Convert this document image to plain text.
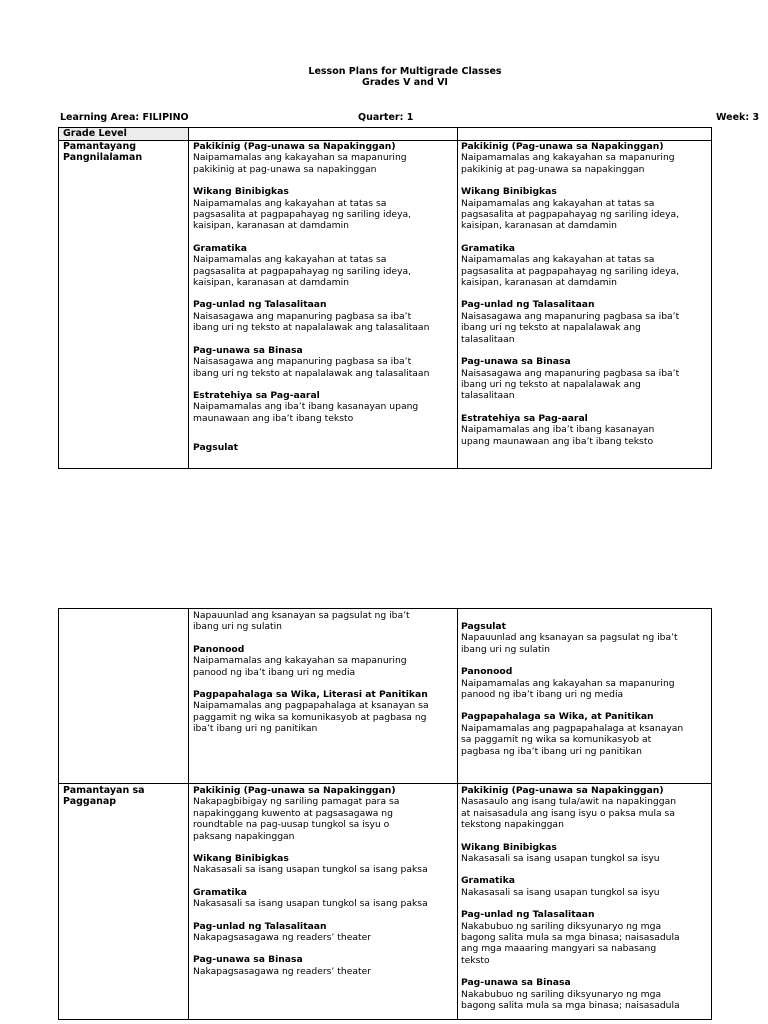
Lesson Plans for Multigrade Classes
Grades V and VI
Learning Area: FILIPINO	Quarter: 1	Week: 3
Grade Level
Pamantayang
Pangnilalaman
Pakikinig (Pag-unawa sa Napakinggan)
Naipamamalas ang kakayahan sa mapanuring
pakikinig at pag-unawa sa napakinggan
Wikang Binibigkas
Naipamamalas ang kakayahan at tatas sa
pagsasalita at pagpapahayag ng sariling ideya,
kaisipan, karanasan at damdamin
Gramatika
Naipamamalas ang kakayahan at tatas sa
pagsasalita at pagpapahayag ng sariling ideya,
kaisipan, karanasan at damdamin
Pag-unlad ng Talasalitaan
Naisasagawa ang mapanuring pagbasa sa iba’t
ibang uri ng teksto at napalalawak ang talasalitaan
Pag-unawa sa Binasa
Naisasagawa ang mapanuring pagbasa sa iba’t
ibang uri ng teksto at napalalawak ang talasalitaan
Estratehiya sa Pag-aaral
Naipamamalas ang iba’t ibang kasanayan upang
maunawaan ang iba’t ibang teksto
Pagsulat
Pakikinig (Pag-unawa sa Napakinggan)
Naipamamalas ang kakayahan sa mapanuring
pakikinig at pag-unawa sa napakinggan
Wikang Binibigkas
Naipamamalas ang kakayahan at tatas sa
pagsasalita at pagpapahayag ng sariling ideya,
kaisipan, karanasan at damdamin
Gramatika
Naipamamalas ang kakayahan at tatas sa
pagsasalita at pagpapahayag ng sariling ideya,
kaisipan, karanasan at damdamin
Pag-unlad ng Talasalitaan
Naisasagawa ang mapanuring pagbasa sa iba’t
ibang uri ng teksto at napalalawak ang
talasalitaan
Pag-unawa sa Binasa
Naisasagawa ang mapanuring pagbasa sa iba’t
ibang uri ng teksto at napalalawak ang
talasalitaan
Estratehiya sa Pag-aaral
Naipamamalas ang iba’t ibang kasanayan
upang maunawaan ang iba’t ibang teksto
Napauunlad ang ksanayan sa pagsulat ng iba’t
ibang uri ng sulatin
Panonood
Naipamamalas ang kakayahan sa mapanuring
panood ng iba’t ibang uri ng media
Pagpapahalaga sa Wika, Literasi at Panitikan
Naipamamalas ang pagpapahalaga at ksanayan sa
paggamit ng wika sa komunikasyob at pagbasa ng
iba’t ibang uri ng panitikan
Pagsulat
Napauunlad ang ksanayan sa pagsulat ng iba’t
ibang uri ng sulatin
Panonood
Naipamamalas ang kakayahan sa mapanuring
panood ng iba’t ibang uri ng media
Pagpapahalaga sa Wika, at Panitikan
Naipamamalas ang pagpapahalaga at ksanayan
sa paggamit ng wika sa komunikasyob at
pagbasa ng iba’t ibang uri ng panitikan
Pamantayan sa
Pagganap
Pakikinig (Pag-unawa sa Napakinggan)
Nakapagbibigay ng sariling pamagat para sa
napakinggang kuwento at pagsasagawa ng
roundtable na pag-uusap tungkol sa isyu o
paksang napakinggan
Wikang Binibigkas
Nakasasali sa isang usapan tungkol sa isang paksa
Gramatika
Nakasasali sa isang usapan tungkol sa isang paksa
Pag-unlad ng Talasalitaan
Nakapagsasagawa ng readers’ theater
Pag-unawa sa Binasa
Nakapagsasagawa ng readers’ theater
Pakikinig (Pag-unawa sa Napakinggan)
Nasasaulo ang isang tula/awit na napakinggan
at naisasadula ang isang isyu o paksa mula sa
tekstong napakinggan
Wikang Binibigkas
Nakasasali sa isang usapan tungkol sa isyu
Gramatika
Nakasasali sa isang usapan tungkol sa isyu
Pag-unlad ng Talasalitaan
Nakabubuo ng sariling diksyunaryo ng mga
bagong salita mula sa mga binasa; naisasadula
ang mga maaaring mangyari sa nabasang
teksto
Pag-unawa sa Binasa
Nakabubuo ng sariling diksyunaryo ng mga
bagong salita mula sa mga binasa; naisasadula
